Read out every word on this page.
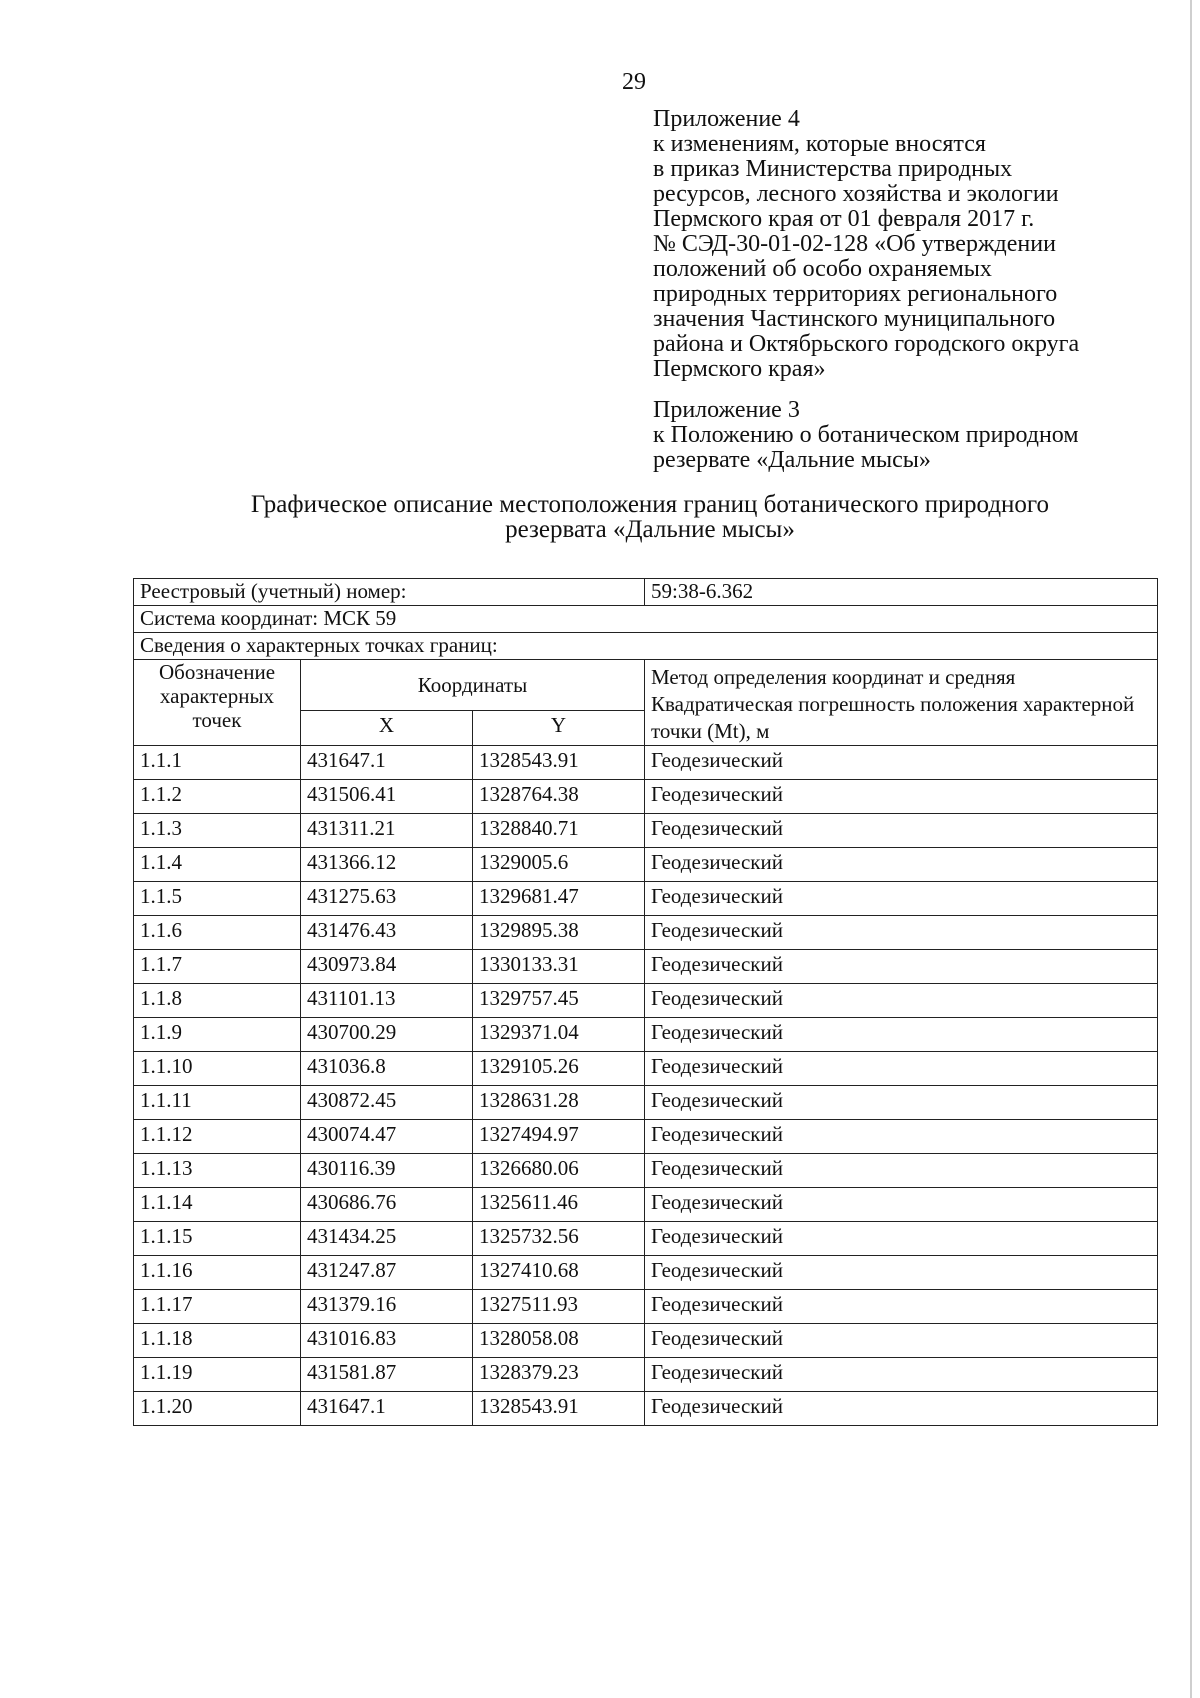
29
Приложение 4
к изменениям, которые вносятся
в приказ Министерства природных
ресурсов, лесного хозяйства и экологии
Пермского края от 01 февраля 2017 г.
№ СЭД-30-01-02-128 «Об утверждении
положений об особо охраняемых
природных территориях регионального
значения Частинского муниципального
района и Октябрьского городского округа
Пермского края»
Приложение 3
к Положению о ботаническом природном
резервате «Дальние мысы»
Графическое описание местоположения границ ботанического природного
резервата «Дальние мысы»
Реестровый (учетный) номер:			59:38-6.362
Система координат: МСК 59			
Сведения о характерных точках границ:			
Обозначение характерных точек	Координаты		Метод определения координат и средняя Квадратическая погрешность положения характерной точки (Mt), м
	X	Y	
1.1.1	431647.1	1328543.91	Геодезический
1.1.2	431506.41	1328764.38	Геодезический
1.1.3	431311.21	1328840.71	Геодезический
1.1.4	431366.12	1329005.6	Геодезический
1.1.5	431275.63	1329681.47	Геодезический
1.1.6	431476.43	1329895.38	Геодезический
1.1.7	430973.84	1330133.31	Геодезический
1.1.8	431101.13	1329757.45	Геодезический
1.1.9	430700.29	1329371.04	Геодезический
1.1.10	431036.8	1329105.26	Геодезический
1.1.11	430872.45	1328631.28	Геодезический
1.1.12	430074.47	1327494.97	Геодезический
1.1.13	430116.39	1326680.06	Геодезический
1.1.14	430686.76	1325611.46	Геодезический
1.1.15	431434.25	1325732.56	Геодезический
1.1.16	431247.87	1327410.68	Геодезический
1.1.17	431379.16	1327511.93	Геодезический
1.1.18	431016.83	1328058.08	Геодезический
1.1.19	431581.87	1328379.23	Геодезический
1.1.20	431647.1	1328543.91	Геодезический
